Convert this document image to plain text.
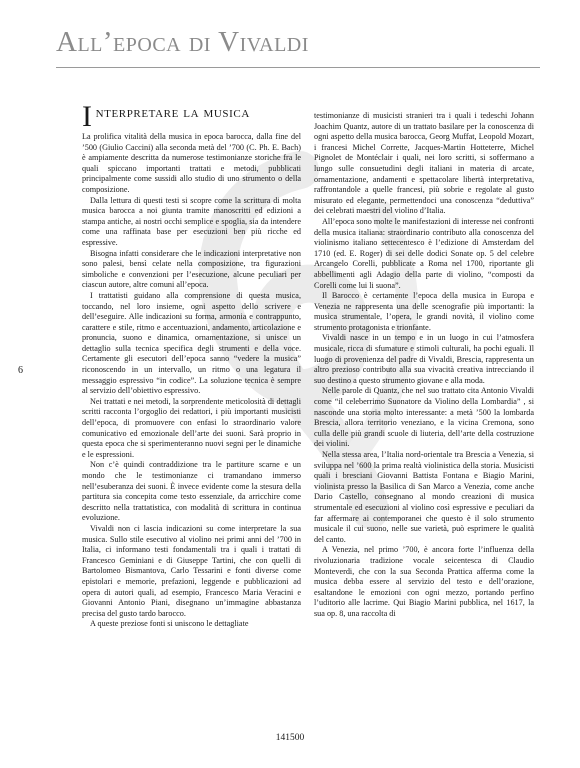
All’epoca di Vivaldi
Interpretare la musica

La prolifica vitalità della musica in epoca barocca, dalla fine del ’500 (Giulio Caccini) alla seconda metà del ’700 (C. Ph. E. Bach) è ampiamente descritta da numerose testimonianze storiche fra le quali spiccano importanti trattati e metodi, pubblicati principalmente come sussidi allo studio di uno strumento o della composizione.

Dalla lettura di questi testi si scopre come la scrittura di molta musica barocca a noi giunta tramite manoscritti ed edizioni a stampa antiche, ai nostri occhi semplice e spoglia, sia da intendere come una raffinata base per esecuzioni ben più ricche ed espressive.

Bisogna infatti considerare che le indicazioni interpretative non sono palesi, bensì celate nella composizione, tra figurazioni simboliche e convenzioni per l’esecuzione, alcune peculiari per ciascun autore, altre comuni all’epoca.

I trattatisti guidano alla comprensione di questa musica, toccando, nel loro insieme, ogni aspetto dello scrivere e dell’eseguire. Alle indicazioni su forma, armonia e contrappunto, carattere e stile, ritmo e accentuazioni, andamento, articolazione e pronuncia, suono e dinamica, ornamentazione, si unisce un dettaglio sulla tecnica specifica degli strumenti e della voce. Certamente gli esecutori dell’epoca sanno “vedere la musica” riconoscendo in un intervallo, un ritmo o una legatura il messaggio espressivo “in codice”. La soluzione tecnica è sempre al servizio dell’obiettivo espressivo.

Nei trattati e nei metodi, la sorprendente meticolosità di dettagli scritti racconta l’orgoglio dei redattori, i più importanti musicisti dell’epoca, di promuovere con enfasi lo straordinario valore comunicativo ed emozionale dell’arte dei suoni. Sarà proprio in questa epoca che si sperimenteranno nuovi segni per le dinamiche e le espressioni.

Non c’è quindi contraddizione tra le partiture scarne e un mondo che le testimonianze ci tramandano immerso nell’esuberanza dei suoni. È invece evidente come la stesura della partitura sia concepita come testo essenziale, da arricchire come descritto nella trattatistica, con modalità di scrittura in continua evoluzione.

Vivaldi non ci lascia indicazioni su come interpretare la sua musica. Sullo stile esecutivo al violino nei primi anni del ’700 in Italia, ci informano testi fondamentali tra i quali i trattati di Francesco Geminiani e di Giuseppe Tartini, che con quelli di Bartolomeo Bismantova, Carlo Tessarini e fonti diverse come epistolari e memorie, prefazioni, leggende e pubblicazioni ad opera di autori quali, ad esempio, Francesco Maria Veracini e Giovanni Antonio Piani, disegnano un’immagine abbastanza precisa del gusto tardo barocco.

A queste preziose fonti si uniscono le dettagliate

testimonianze di musicisti stranieri tra i quali i tedeschi Johann Joachim Quantz, autore di un trattato basilare per la conoscenza di ogni aspetto della musica barocca, Georg Muffat, Leopold Mozart, i francesi Michel Corrette, Jacques-Martin Hotteterre, Michel Pignolet de Montéclair i quali, nei loro scritti, si soffermano a lungo sulle consuetudini degli italiani in materia di arcate, ornamentazione, andamenti e spettacolare libertà interpretativa, raffrontandole a quelle francesi, più sobrie e regolate al gusto misurato ed elegante, permettendoci una conoscenza “deduttiva” dei celebrati maestri del violino d’Italia.

All’epoca sono molte le manifestazioni di interesse nei confronti della musica italiana: straordinario contributo alla conoscenza del violinismo italiano settecentesco è l’edizione di Amsterdam del 1710 (ed. E. Roger) di sei delle dodici Sonate op. 5 del celebre Arcangelo Corelli, pubblicate a Roma nel 1700, riportante gli abbellimenti agli Adagio della parte di violino, “composti da Corelli come lui li suona”.

Il Barocco è certamente l’epoca della musica in Europa e Venezia ne rappresenta una delle scenografie più importanti: la musica strumentale, l’opera, le grandi novità, il violino come strumento protagonista e trionfante.

Vivaldi nasce in un tempo e in un luogo in cui l’atmosfera musicale, ricca di sfumature e stimoli culturali, ha pochi eguali. Il luogo di provenienza del padre di Vivaldi, Brescia, rappresenta un altro prezioso contributo alla sua vivacità creativa intrecciando il suo destino a questo strumento giovane e alla moda.

Nelle parole di Quantz, che nel suo trattato cita Antonio Vivaldi come “il celeberrimo Suonatore da Violino della Lombardia” , si nasconde una storia molto interessante: a metà ’500 la lombarda Brescia, allora territorio veneziano, e la vicina Cremona, sono culla delle più grandi scuole di liuteria, dell’arte della costruzione dei violini.

Nella stessa area, l’Italia nord-orientale tra Brescia a Venezia, si sviluppa nel ’600 la prima realtà violinistica della storia. Musicisti quali i bresciani Giovanni Battista Fontana e Biagio Marini, violinista presso la Basilica di San Marco a Venezia, come anche Dario Castello, consegnano al mondo creazioni di musica strumentale ed esecuzioni al violino così espressive e peculiari da far affermare ai contemporanei che questo è il solo strumento musicale il cui suono, nelle sue varietà, può esprimere le qualità del canto.

A Venezia, nel primo ’700, è ancora forte l’influenza della rivoluzionaria tradizione vocale seicentesca di Claudio Monteverdi, che con la sua Seconda Prattica afferma come la musica debba essere al servizio del testo e dell’orazione, esaltandone le emozioni con ogni mezzo, portando perfino l’uditorio alle lacrime. Qui Biagio Marini pubblica, nel 1617, la sua op. 8, una raccolta di

6
141500
